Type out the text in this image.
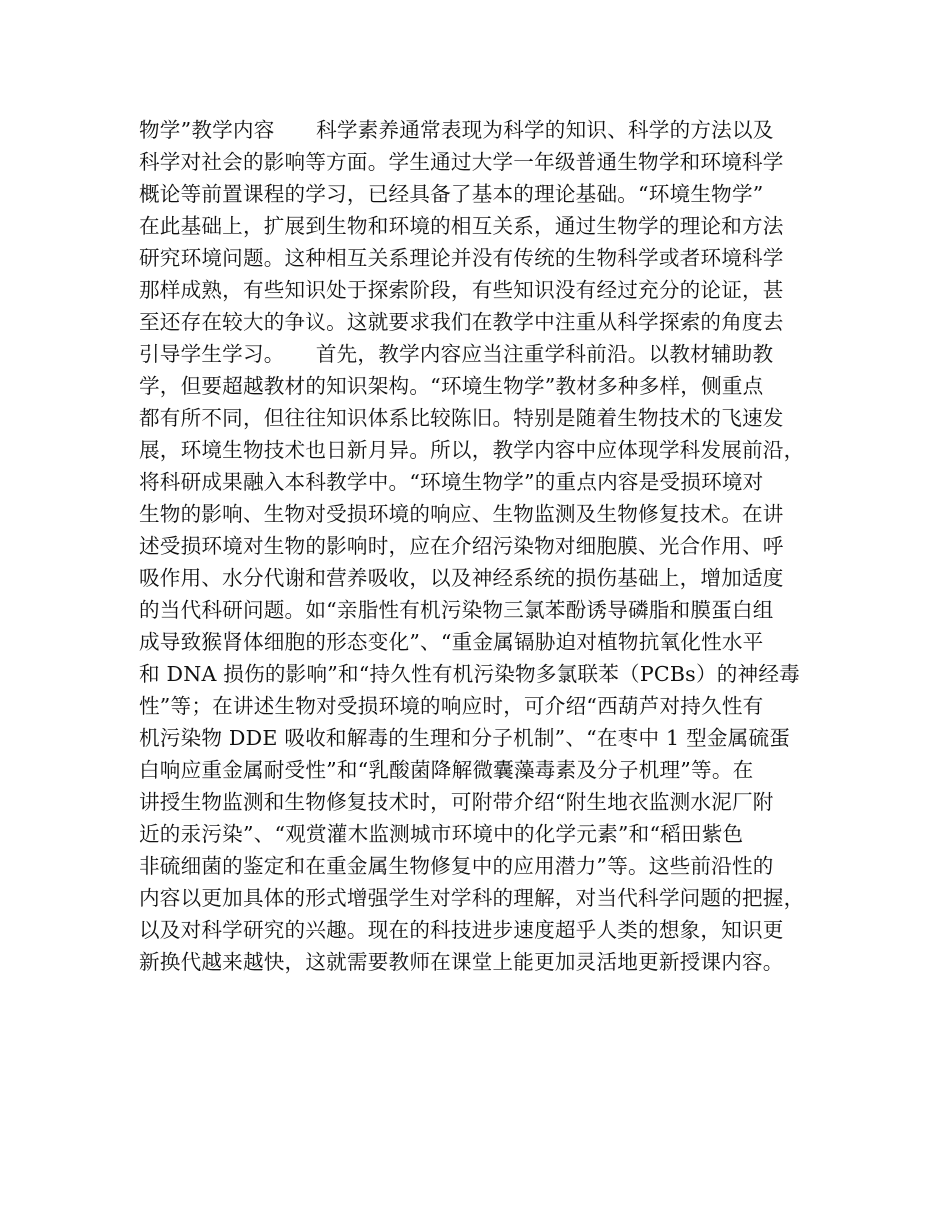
物学”教学内容　　科学素养通常表现为科学的知识、科学的方法以及
科学对社会的影响等方面。学生通过大学一年级普通生物学和环境科学
概论等前置课程的学习，已经具备了基本的理论基础。“环境生物学”
在此基础上，扩展到生物和环境的相互关系，通过生物学的理论和方法
研究环境问题。这种相互关系理论并没有传统的生物科学或者环境科学
那样成熟，有些知识处于探索阶段，有些知识没有经过充分的论证，甚
至还存在较大的争议。这就要求我们在教学中注重从科学探索的角度去
引导学生学习。　　首先，教学内容应当注重学科前沿。以教材辅助教
学，但要超越教材的知识架构。“环境生物学”教材多种多样，侧重点
都有所不同，但往往知识体系比较陈旧。特别是随着生物技术的飞速发
展，环境生物技术也日新月异。所以，教学内容中应体现学科发展前沿，
将科研成果融入本科教学中。“环境生物学”的重点内容是受损环境对
生物的影响、生物对受损环境的响应、生物监测及生物修复技术。在讲
述受损环境对生物的影响时，应在介绍污染物对细胞膜、光合作用、呼
吸作用、水分代谢和营养吸收，以及神经系统的损伤基础上，增加适度
的当代科研问题。如“亲脂性有机污染物三氯苯酚诱导磷脂和膜蛋白组
成导致猴肾体细胞的形态变化”、“重金属镉胁迫对植物抗氧化性水平
和 DNA 损伤的影响”和“持久性有机污染物多氯联苯（PCBs）的神经毒
性”等；在讲述生物对受损环境的响应时，可介绍“西葫芦对持久性有
机污染物 DDE 吸收和解毒的生理和分子机制”、“在枣中 1 型金属硫蛋
白响应重金属耐受性”和“乳酸菌降解微囊藻毒素及分子机理”等。在
讲授生物监测和生物修复技术时，可附带介绍“附生地衣监测水泥厂附
近的汞污染”、“观赏灌木监测城市环境中的化学元素”和“稻田紫色
非硫细菌的鉴定和在重金属生物修复中的应用潜力”等。这些前沿性的
内容以更加具体的形式增强学生对学科的理解，对当代科学问题的把握，
以及对科学研究的兴趣。现在的科技进步速度超乎人类的想象，知识更
新换代越来越快，这就需要教师在课堂上能更加灵活地更新授课内容。
